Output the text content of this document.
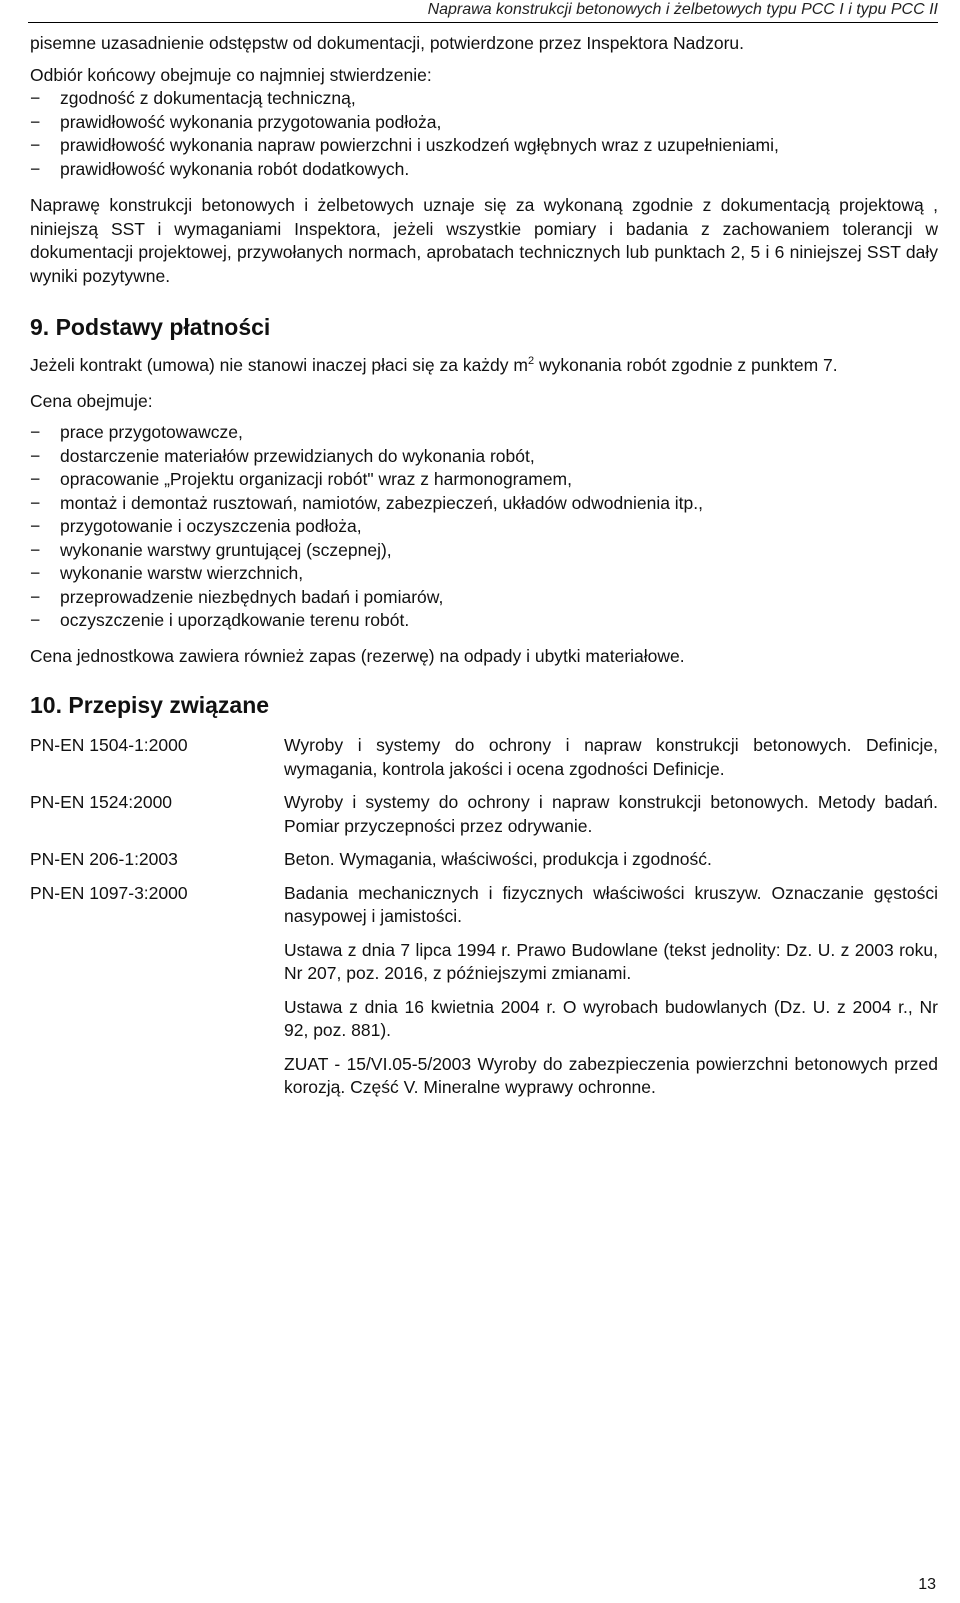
Naprawa konstrukcji betonowych i żelbetowych typu PCC I i typu PCC II

pisemne uzasadnienie odstępstw od dokumentacji, potwierdzone przez Inspektora Nadzoru.

Odbiór końcowy obejmuje co najmniej stwierdzenie:

− zgodność z dokumentacją techniczną,
− prawidłowość wykonania przygotowania podłoża,
− prawidłowość wykonania napraw powierzchni i uszkodzeń wgłębnych wraz z uzupełnieniami,
− prawidłowość wykonania robót dodatkowych.

Naprawę konstrukcji betonowych i żelbetowych uznaje się za wykonaną zgodnie z dokumentacją projektową , niniejszą SST i wymaganiami Inspektora, jeżeli wszystkie pomiary i badania z zachowaniem tolerancji w dokumentacji projektowej, przywołanych normach, aprobatach technicznych lub punktach 2, 5 i 6 niniejszej SST dały wyniki pozytywne.

9. Podstawy płatności

Jeżeli kontrakt (umowa) nie stanowi inaczej płaci się za każdy $m^2$ wykonania robót zgodnie z punktem 7.

Cena obejmuje:

− prace przygotowawcze,
− dostarczenie materiałów przewidzianych do wykonania robót,
− opracowanie „Projektu organizacji robót" wraz z harmonogramem,
− montaż i demontaż rusztowań, namiotów, zabezpieczeń, układów odwodnienia itp.,
− przygotowanie i oczyszczenia podłoża,
− wykonanie warstwy gruntującej (sczepnej),
− wykonanie warstw wierzchnich,
− przeprowadzenie niezbędnych badań i pomiarów,
− oczyszczenie i uporządkowanie terenu robót.

Cena jednostkowa zawiera również zapas (rezerwę) na odpady i ubytki materiałowe.

10. Przepisy związane
PN-EN 1504-1:2000	Wyroby i systemy do ochrony i napraw konstrukcji betonowych. Definicje, wymagania, kontrola jakości i ocena zgodności Definicje.
PN-EN 1524:2000	Wyroby i systemy do ochrony i napraw konstrukcji betonowych. Metody badań. Pomiar przyczepności przez odrywanie.
PN-EN 206-1:2003	Beton. Wymagania, właściwości, produkcja i zgodność.
PN-EN 1097-3:2000	Badania mechanicznych i fizycznych właściwości kruszyw. Oznaczanie gęstości nasypowej i jamistości.
	Ustawa z dnia 7 lipca 1994 r. Prawo Budowlane (tekst jednolity: Dz. U. z 2003 roku, Nr 207, poz. 2016, z późniejszymi zmianami.
	Ustawa z dnia 16 kwietnia 2004 r. O wyrobach budowlanych (Dz. U. z 2004 r., Nr 92, poz. 881).
	ZUAT - 15/VI.05-5/2003 Wyroby do zabezpieczenia powierzchni betonowych przed korozją. Część V. Mineralne wyprawy ochronne.
13
